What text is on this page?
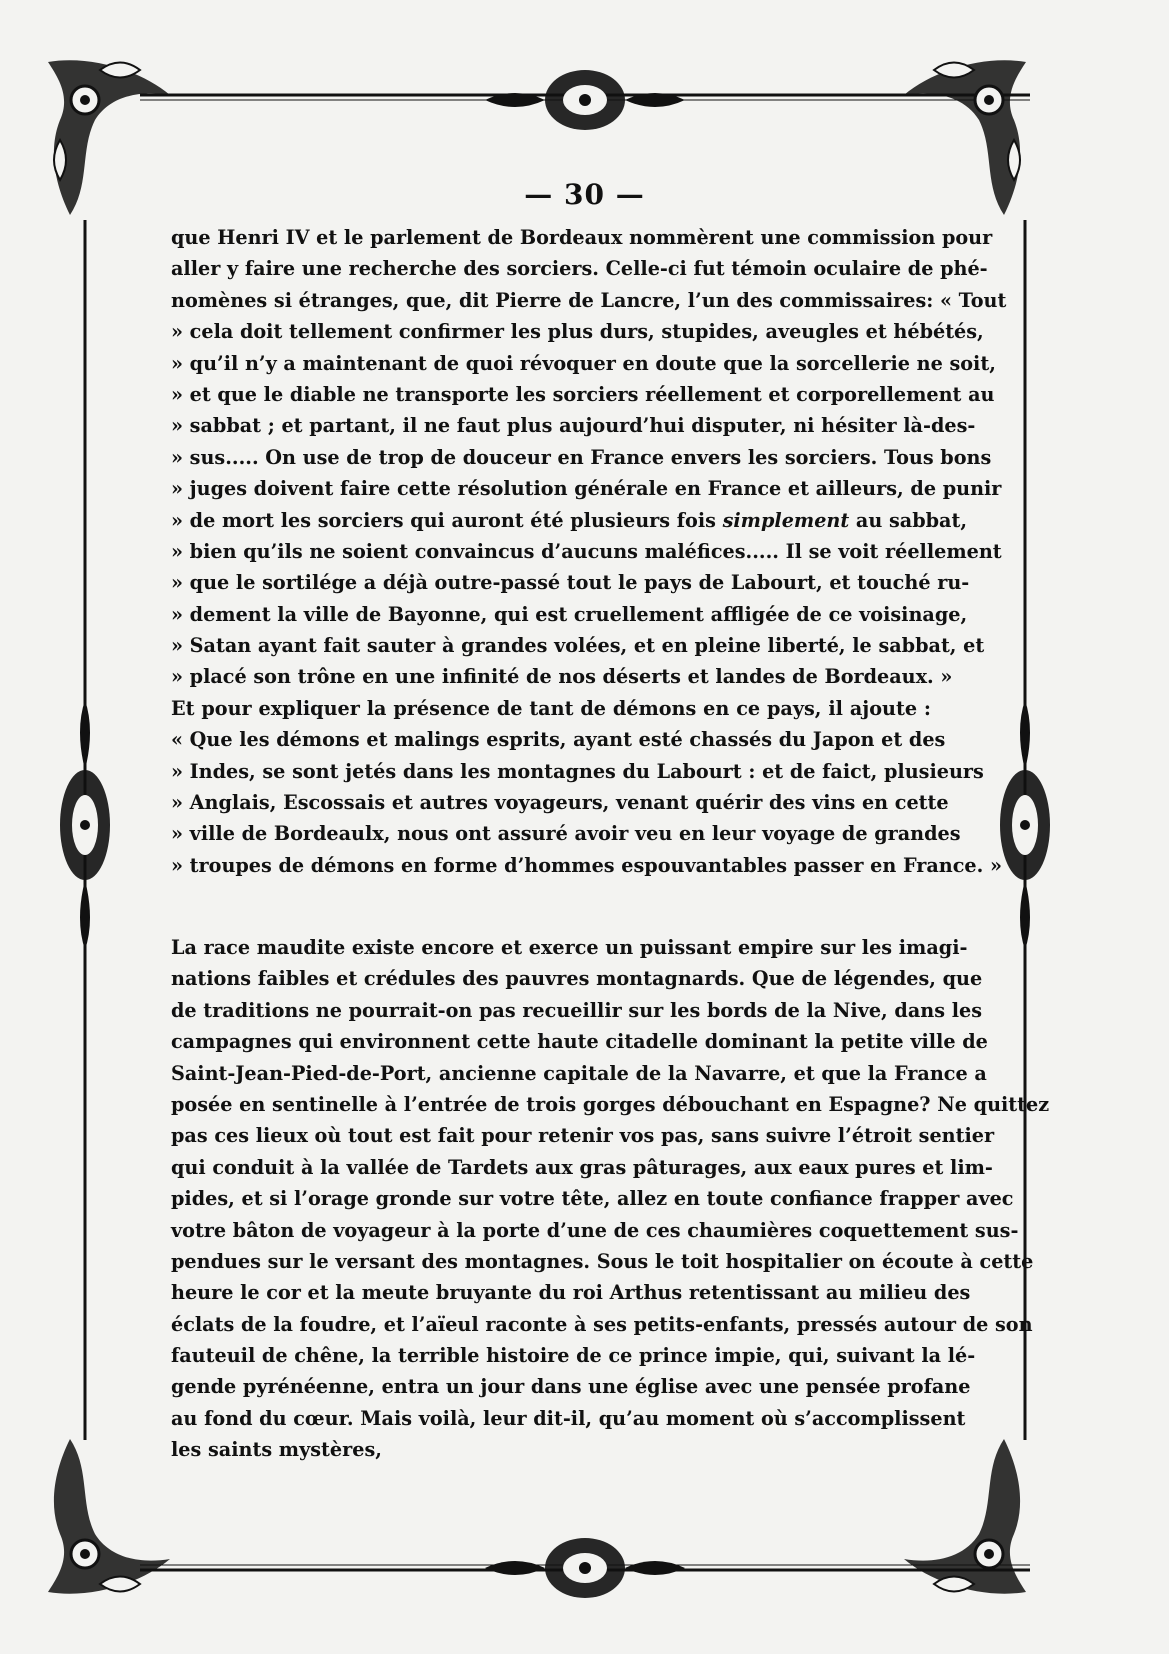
— 30 —
que Henri IV et le parlement de Bordeaux nommèrent une commission pour
aller y faire une recherche des sorciers. Celle-ci fut témoin oculaire de phé-
nomènes si étranges, que, dit Pierre de Lancre, l’un des commissaires: « Tout
» cela doit tellement confirmer les plus durs, stupides, aveugles et hébétés,
» qu’il n’y a maintenant de quoi révoquer en doute que la sorcellerie ne soit,
» et que le diable ne transporte les sorciers réellement et corporellement au
» sabbat ; et partant, il ne faut plus aujourd’hui disputer, ni hésiter là-des-
» sus..... On use de trop de douceur en France envers les sorciers. Tous bons
» juges doivent faire cette résolution générale en France et ailleurs, de punir
» de mort les sorciers qui auront été plusieurs fois simplement au sabbat,
» bien qu’ils ne soient convaincus d’aucuns maléfices..... Il se voit réellement
» que le sortilége a déjà outre-passé tout le pays de Labourt, et touché ru-
» dement la ville de Bayonne, qui est cruellement affligée de ce voisinage,
» Satan ayant fait sauter à grandes volées, et en pleine liberté, le sabbat, et
» placé son trône en une infinité de nos déserts et landes de Bordeaux. »
Et pour expliquer la présence de tant de démons en ce pays, il ajoute :
« Que les démons et malings esprits, ayant esté chassés du Japon et des
» Indes, se sont jetés dans les montagnes du Labourt : et de faict, plusieurs
» Anglais, Escossais et autres voyageurs, venant quérir des vins en cette
» ville de Bordeaulx, nous ont assuré avoir veu en leur voyage de grandes
» troupes de démons en forme d’hommes espouvantables passer en France. »
La race maudite existe encore et exerce un puissant empire sur les imagi-
nations faibles et crédules des pauvres montagnards. Que de légendes, que
de traditions ne pourrait-on pas recueillir sur les bords de la Nive, dans les
campagnes qui environnent cette haute citadelle dominant la petite ville de
Saint-Jean-Pied-de-Port, ancienne capitale de la Navarre, et que la France a
posée en sentinelle à l’entrée de trois gorges débouchant en Espagne? Ne quittez
pas ces lieux où tout est fait pour retenir vos pas, sans suivre l’étroit sentier
qui conduit à la vallée de Tardets aux gras pâturages, aux eaux pures et lim-
pides, et si l’orage gronde sur votre tête, allez en toute confiance frapper avec
votre bâton de voyageur à la porte d’une de ces chaumières coquettement sus-
pendues sur le versant des montagnes. Sous le toit hospitalier on écoute à cette
heure le cor et la meute bruyante du roi Arthus retentissant au milieu des
éclats de la foudre, et l’aïeul raconte à ses petits-enfants, pressés autour de son
fauteuil de chêne, la terrible histoire de ce prince impie, qui, suivant la lé-
gende pyrénéenne, entra un jour dans une église avec une pensée profane
au fond du cœur. Mais voilà, leur dit-il, qu’au moment où s’accomplissent
les saints mystères,
